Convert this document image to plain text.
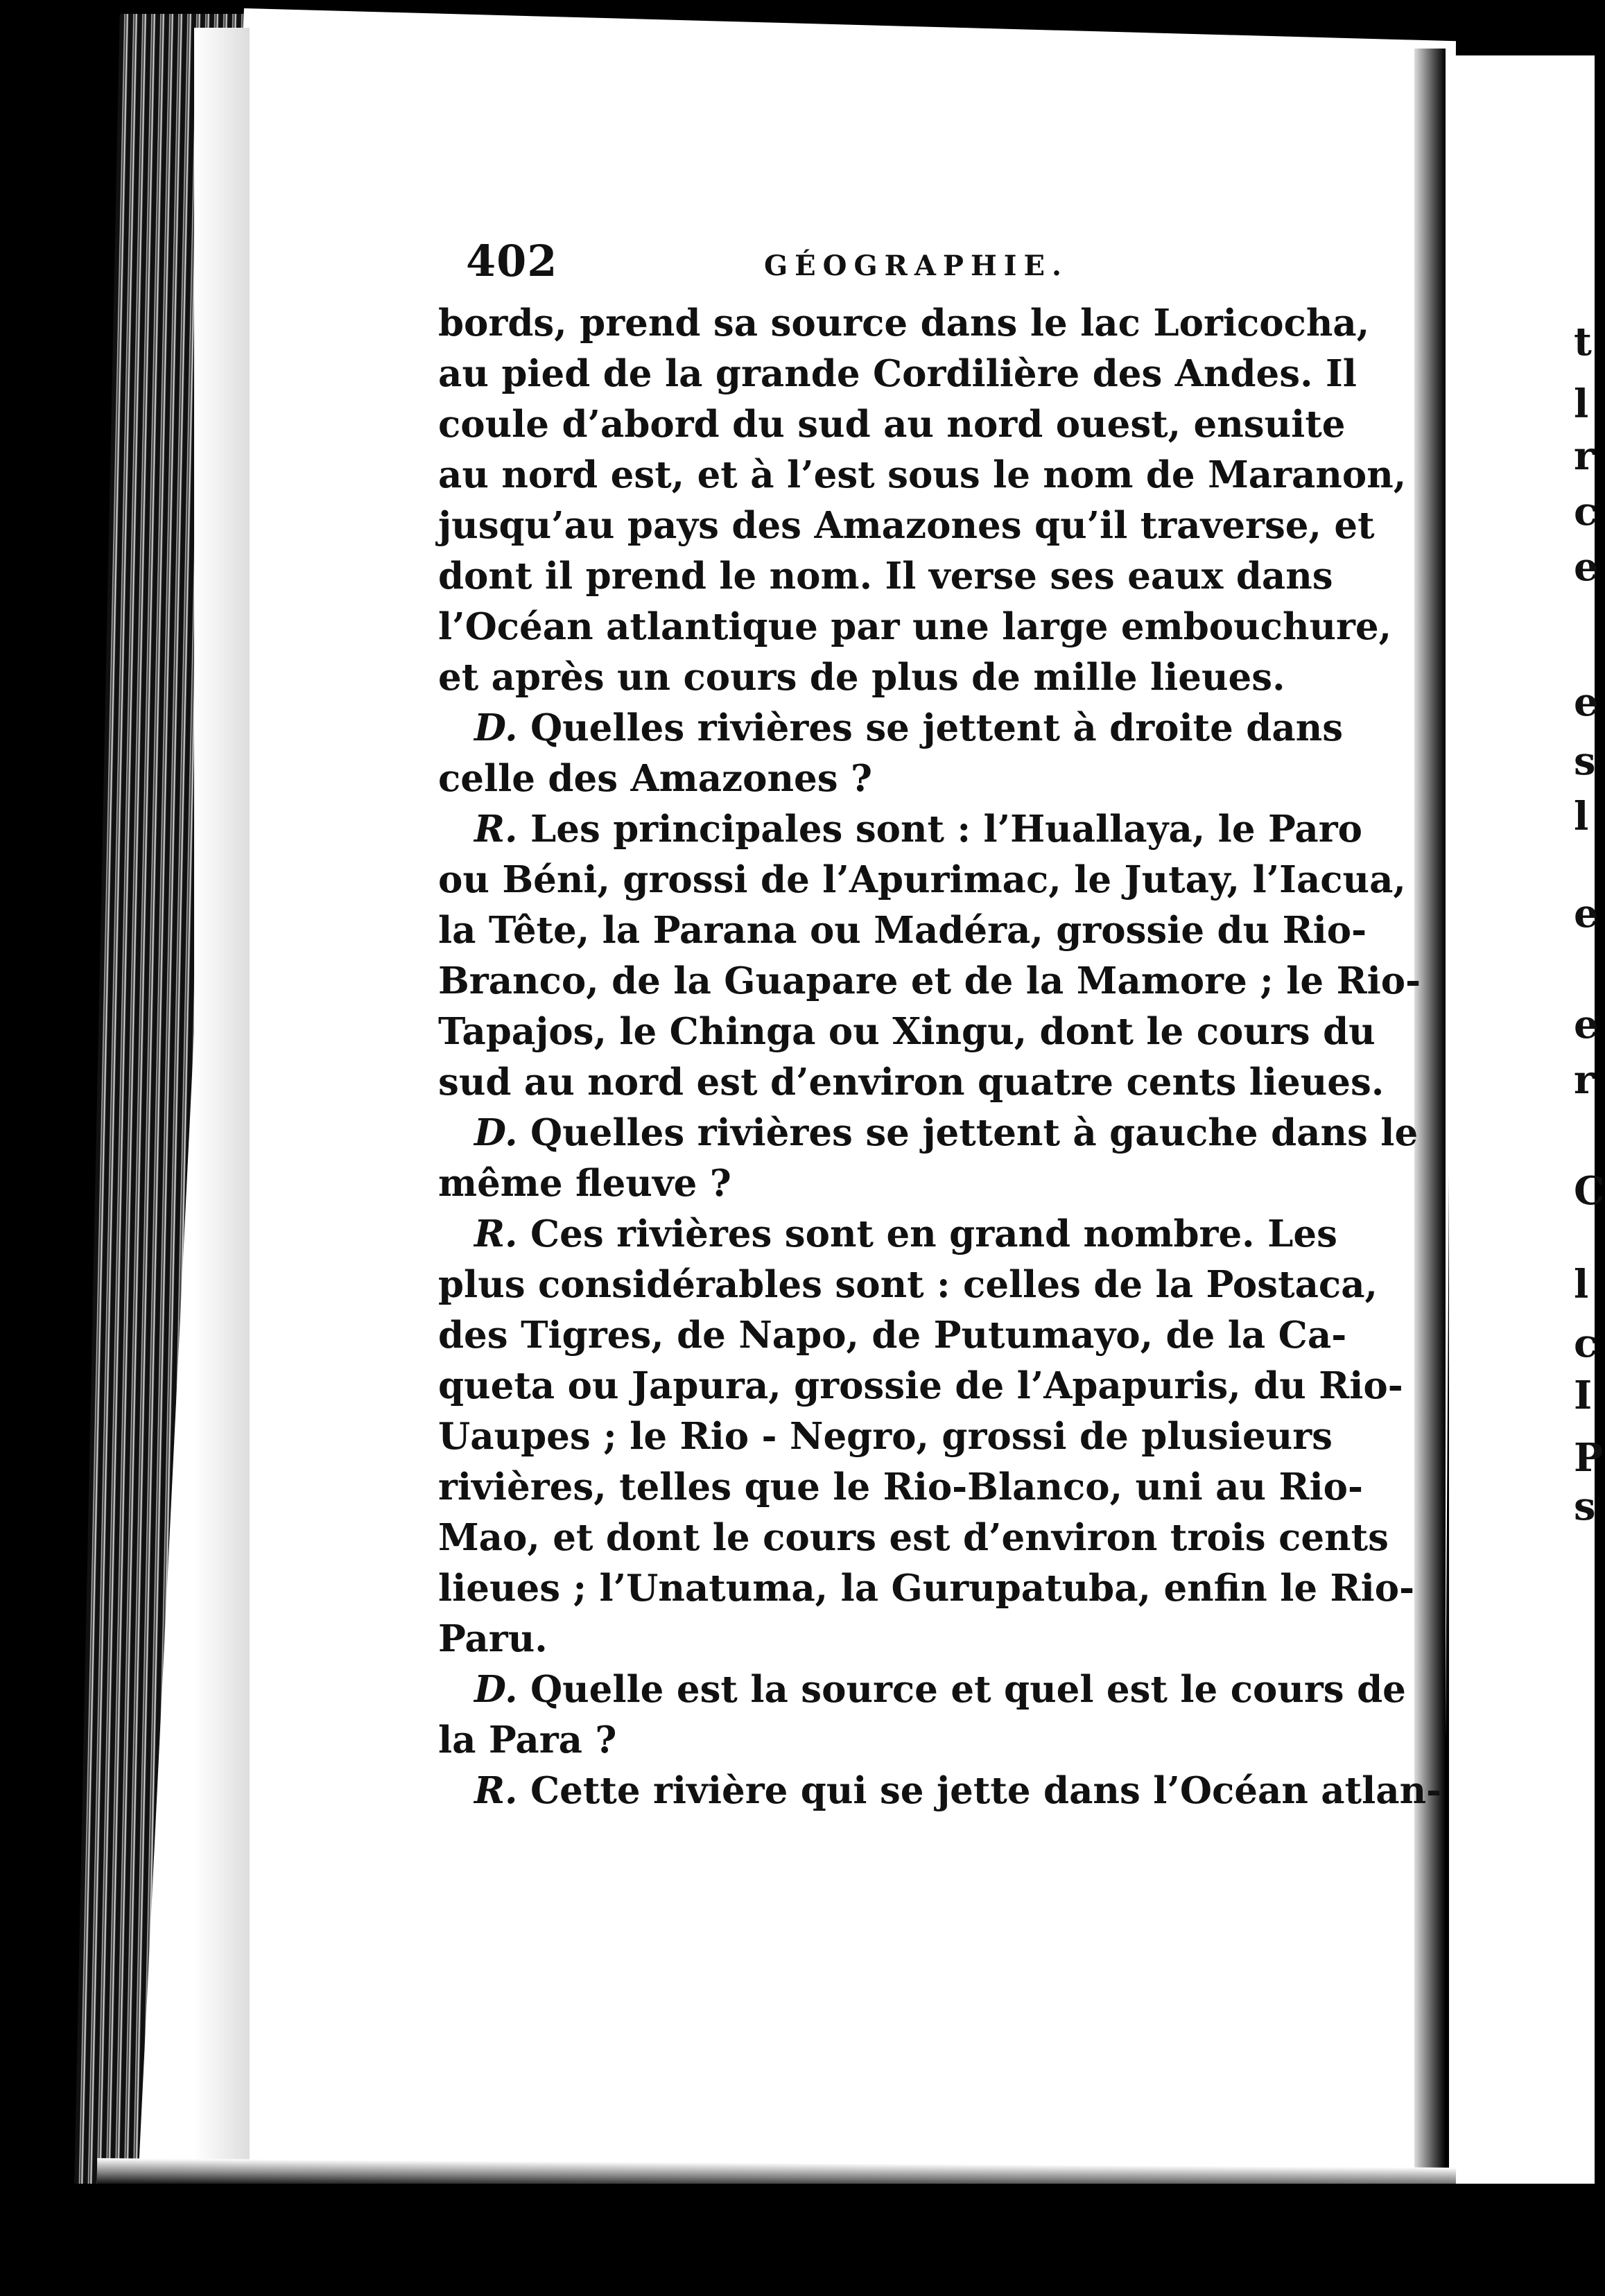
t
l
r
c
e
e
s
l
e
e
r
C
l
c
I
P
s
402	GÉOGRAPHIE.
bords, prend sa source dans le lac Loricocha,
au pied de la grande Cordilière des Andes. Il
coule d’abord du sud au nord ouest, ensuite
au nord est, et à l’est sous le nom de Maranon,
jusqu’au pays des Amazones qu’il traverse, et
dont il prend le nom. Il verse ses eaux dans
l’Océan atlantique par une large embouchure,
et après un cours de plus de mille lieues.
D. Quelles rivières se jettent à droite dans
celle des Amazones ?
R. Les principales sont : l’Huallaya, le Paro
ou Béni, grossi de l’Apurimac, le Jutay, l’Iacua,
la Tête, la Parana ou Madéra, grossie du Rio-
Branco, de la Guapare et de la Mamore ; le Rio-
Tapajos, le Chinga ou Xingu, dont le cours du
sud au nord est d’environ quatre cents lieues.
D. Quelles rivières se jettent à gauche dans le
même fleuve ?
R. Ces rivières sont en grand nombre. Les
plus considérables sont : celles de la Postaca,
des Tigres, de Napo, de Putumayo, de la Ca-
queta ou Japura, grossie de l’Apapuris, du Rio-
Uaupes ; le Rio - Negro, grossi de plusieurs
rivières, telles que le Rio-Blanco, uni au Rio-
Mao, et dont le cours est d’environ trois cents
lieues ; l’Unatuma, la Gurupatuba, enfin le Rio-
Paru.
D. Quelle est la source et quel est le cours de
la Para ?
R. Cette rivière qui se jette dans l’Océan atlan-
